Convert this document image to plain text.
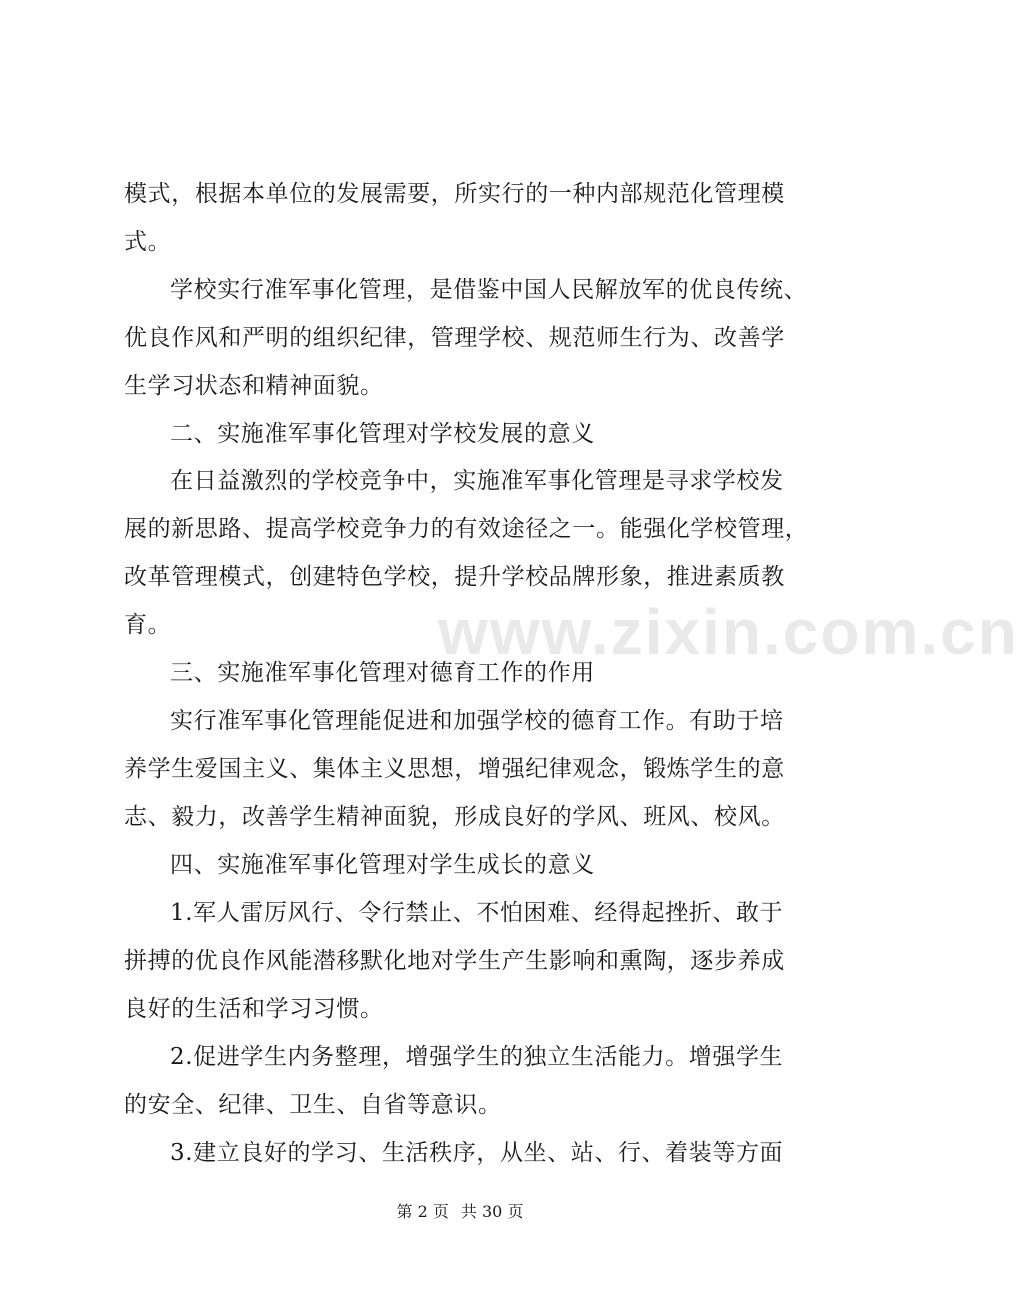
www.zixin.com.cn
模式，根据本单位的发展需要，所实行的一种内部规范化管理模
式。
学校实行准军事化管理，是借鉴中国人民解放军的优良传统、
优良作风和严明的组织纪律，管理学校、规范师生行为、改善学
生学习状态和精神面貌。
二、实施准军事化管理对学校发展的意义
在日益激烈的学校竞争中，实施准军事化管理是寻求学校发
展的新思路、提高学校竞争力的有效途径之一。能强化学校管理，
改革管理模式，创建特色学校，提升学校品牌形象，推进素质教
育。
三、实施准军事化管理对德育工作的作用
实行准军事化管理能促进和加强学校的德育工作。有助于培
养学生爱国主义、集体主义思想，增强纪律观念，锻炼学生的意
志、毅力，改善学生精神面貌，形成良好的学风、班风、校风。
四、实施准军事化管理对学生成长的意义
1.军人雷厉风行、令行禁止、不怕困难、经得起挫折、敢于
拼搏的优良作风能潜移默化地对学生产生影响和熏陶，逐步养成
良好的生活和学习习惯。
2.促进学生内务整理，增强学生的独立生活能力。增强学生
的安全、纪律、卫生、自省等意识。
3.建立良好的学习、生活秩序，从坐、站、行、着装等方面
第 2 页 共 30 页
